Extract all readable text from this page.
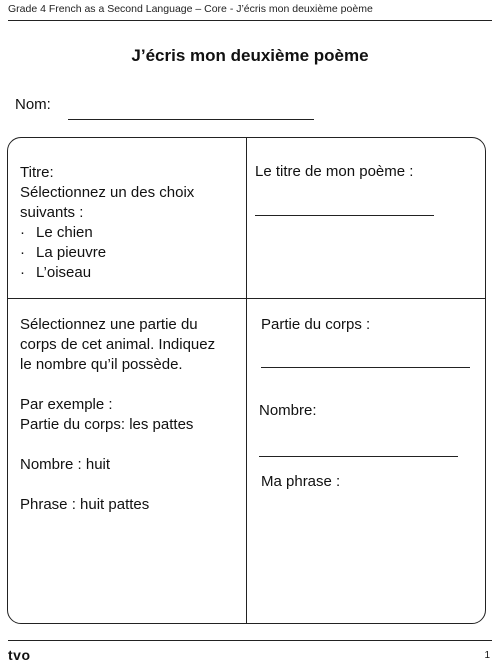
Grade 4 French as a Second Language – Core - J’écris mon deuxième poème
J’écris mon deuxième poème
Nom:
Titre:
Sélectionnez un des choix
suivants :
· Le chien
· La pieuvre
· L’oiseau
Le titre de mon poème :
Sélectionnez une partie du
corps de cet animal. Indiquez
le nombre qu’il possède.
Par exemple :
Partie du corps: les pattes
Nombre : huit
Phrase : huit pattes
Partie du corps :
Nombre:
Ma phrase :
tvo	1
